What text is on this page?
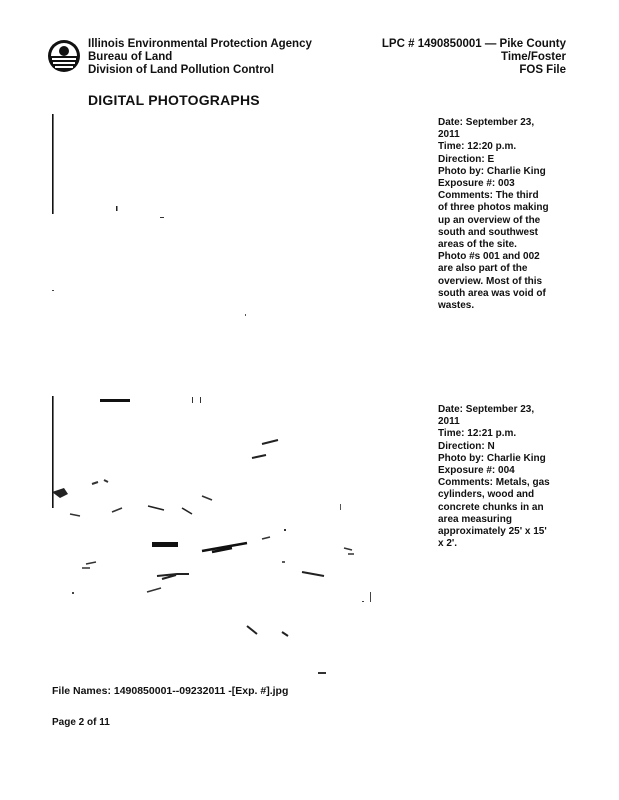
Illinois Environmental Protection Agency
Bureau of Land
Division of Land Pollution Control
LPC # 1490850001 — Pike County
Time/Foster
FOS File
DIGITAL PHOTOGRAPHS
Date: September 23,
2011
Time: 12:20 p.m.
Direction: E
Photo by: Charlie King
Exposure #: 003
Comments: The third
of three photos making
up an overview of the
south and southwest
areas of the site.
Photo #s 001 and 002
are also part of the
overview. Most of this
south area was void of
wastes.
Date: September 23,
2011
Time: 12:21 p.m.
Direction: N
Photo by: Charlie King
Exposure #: 004
Comments: Metals, gas
cylinders, wood and
concrete chunks in an
area measuring
approximately 25' x 15'
x 2'.
File Names: 1490850001--09232011 -[Exp. #].jpg
Page 2 of 11
